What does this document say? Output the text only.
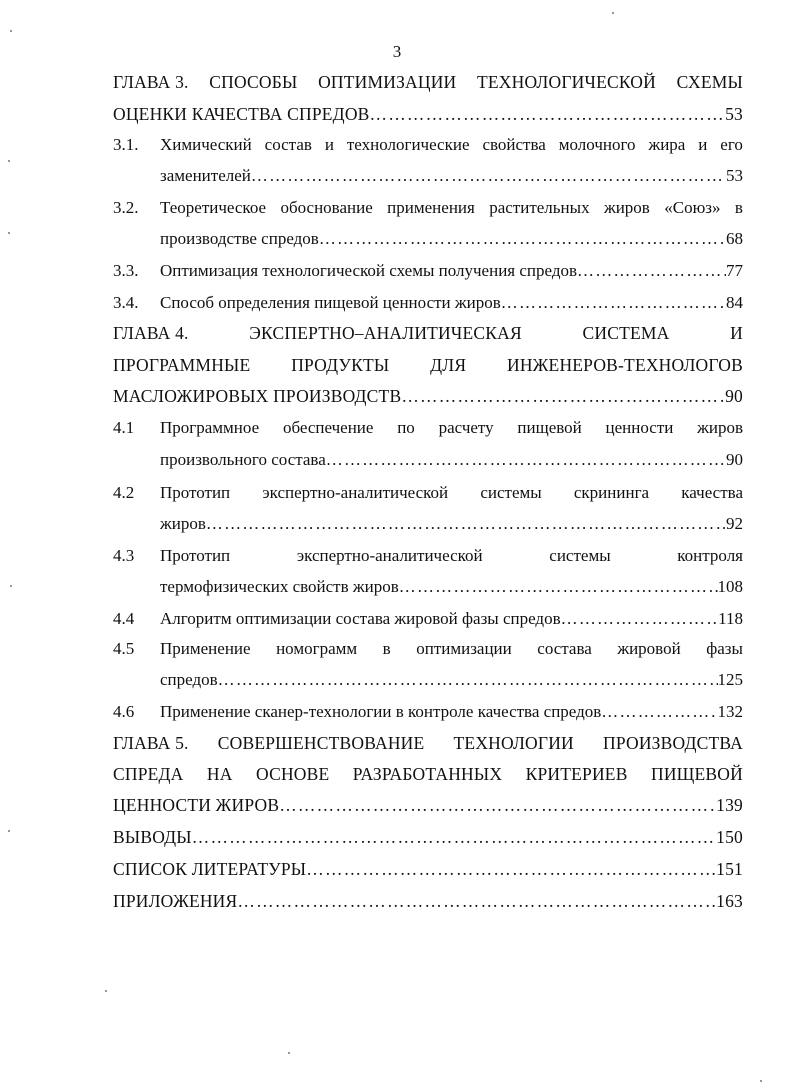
3
ГЛАВА 3. СПОСОБЫ ОПТИМИЗАЦИИ ТЕХНОЛОГИЧЕСКОЙ СХЕМЫ
ОЦЕНКИ КАЧЕСТВА СПРЕДОВ ……………………………………………………………………………………………………………………………………………………	53
3.1. Химический состав и технологические свойства молочного жира и его
заменителей ……………………………………………………………………………………………………………………………………………………	53
3.2. Теоретическое обоснование применения растительных жиров «Союз» в
производстве спредов ……………………………………………………………………………………………………………………………………………………	68
3.3. Оптимизация технологической схемы получения спредов ……………………………………………………………………………………………………………………………………………………	77
3.4. Способ определения пищевой ценности жиров ……………………………………………………………………………………………………………………………………………………	84
ГЛАВА 4.	ЭКСПЕРТНО–АНАЛИТИЧЕСКАЯ	СИСТЕМА	И
ПРОГРАММНЫЕ ПРОДУКТЫ ДЛЯ ИНЖЕНЕРОВ-ТЕХНОЛОГОВ
МАСЛОЖИРОВЫХ ПРОИЗВОДСТВ ……………………………………………………………………………………………………………………………………………………	90
4.1 Программное обеспечение по расчету пищевой ценности жиров
произвольного состава ……………………………………………………………………………………………………………………………………………………	90
4.2 Прототип экспертно-аналитической системы скрининга качества
жиров ……………………………………………………………………………………………………………………………………………………	92
4.3 Прототип	экспертно-аналитической	системы	контроля
термофизических свойств жиров ……………………………………………………………………………………………………………………………………………………	108
4.4 Алгоритм оптимизации состава жировой фазы спредов ……………………………………………………………………………………………………………………………………………………	118
4.5 Применение номограмм в оптимизации состава жировой фазы
спредов ……………………………………………………………………………………………………………………………………………………	125
4.6 Применение сканер-технологии в контроле качества спредов ……………………………………………………………………………………………………………………………………………………	132
ГЛАВА 5. СОВЕРШЕНСТВОВАНИЕ ТЕХНОЛОГИИ ПРОИЗВОДСТВА
СПРЕДА НА ОСНОВЕ РАЗРАБОТАННЫХ КРИТЕРИЕВ ПИЩЕВОЙ
ЦЕННОСТИ ЖИРОВ ……………………………………………………………………………………………………………………………………………………	139
ВЫВОДЫ ……………………………………………………………………………………………………………………………………………………	150
СПИСОК ЛИТЕРАТУРЫ ……………………………………………………………………………………………………………………………………………………	151
ПРИЛОЖЕНИЯ ……………………………………………………………………………………………………………………………………………………	163
